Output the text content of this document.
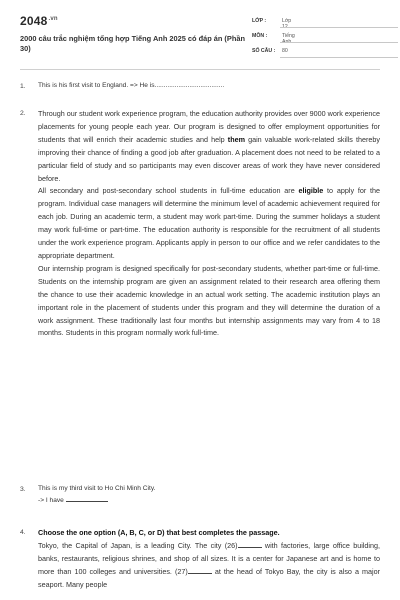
$2048^{.vn}$
2000 câu trắc nghiệm tổng hợp Tiếng Anh 2025 có đáp án (Phần 30)
LỚP :	Lớp 12
MÔN :	Tiếng Anh
SỐ CÂU : 80
1. This is his first visit to England. => He is......................................
2. Through our student work experience program, the education authority provides over 9000 work experience placements for young people each year. Our program is designed to offer employment opportunities for students that will enrich their academic studies and help them gain valuable work-related skills thereby improving their chance of finding a good job after graduation. A placement does not need to be related to a particular field of study and so participants may even discover areas of work they have never considered before.
All secondary and post-secondary school students in full-time education are eligible to apply for the program. Individual case managers will determine the minimum level of academic achievement required for each job. During an academic term, a student may work part-time. During the summer holidays a student may work full-time or part-time. The education authority is responsible for the recruitment of all students under the work experience program. Applicants apply in person to our office and we refer candidates to the appropriate department.
Our internship program is designed specifically for post-secondary students, whether part-time or full-time. Students on the internship program are given an assignment related to their research area offering them the chance to use their academic knowledge in an actual work setting. The academic institution plays an important role in the placement of students under this program and they will determine the duration of a work assignment. These traditionally last four months but internship assignments may vary from 4 to 18 months. Students in this program normally work full-time.
3. This is my third visit to Ho Chi Minh City.
-> I have
4. Choose the one option (A, B, C, or D) that best completes the passage.
Tokyo, the Capital of Japan, is a leading City. The city (26)	with factories, large office building, banks, restaurants, religious shrines, and shop of all sizes. It is a center for Japanese art and is home to more than 100 colleges and universities. (27)	at the head of Tokyo Bay, the city is also a major seaport. Many people
